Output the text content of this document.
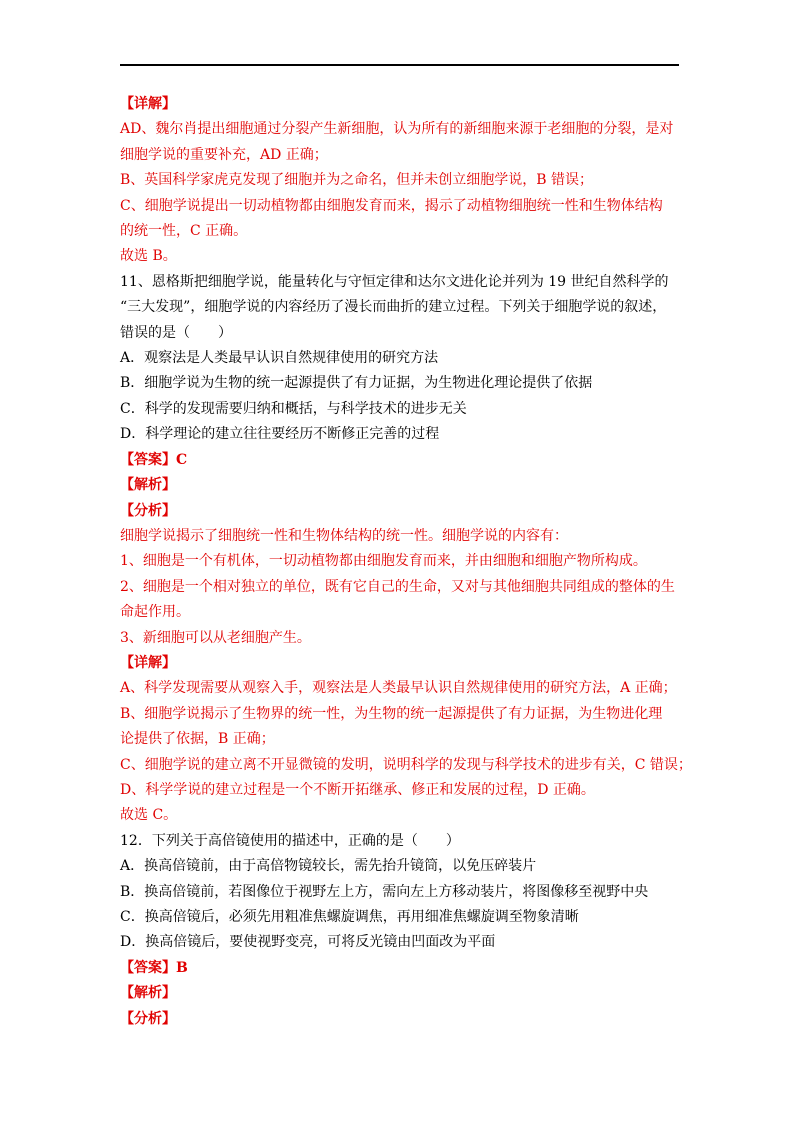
【详解】
AD、魏尔肖提出细胞通过分裂产生新细胞，认为所有的新细胞来源于老细胞的分裂，是对
细胞学说的重要补充，AD 正确；
B、英国科学家虎克发现了细胞并为之命名，但并未创立细胞学说，B 错误；
C、细胞学说提出一切动植物都由细胞发育而来，揭示了动植物细胞统一性和生物体结构
的统一性，C 正确。
故选 B。
11、恩格斯把细胞学说，能量转化与守恒定律和达尔文进化论并列为 19 世纪自然科学的
“三大发现”，细胞学说的内容经历了漫长而曲折的建立过程。下列关于细胞学说的叙述，
错误的是（　　）
A．观察法是人类最早认识自然规律使用的研究方法
B．细胞学说为生物的统一起源提供了有力证据，为生物进化理论提供了依据
C．科学的发现需要归纳和概括，与科学技术的进步无关
D．科学理论的建立往往要经历不断修正完善的过程
【答案】C
【解析】
【分析】
细胞学说揭示了细胞统一性和生物体结构的统一性。细胞学说的内容有：
1、细胞是一个有机体，一切动植物都由细胞发育而来，并由细胞和细胞产物所构成。
2、细胞是一个相对独立的单位，既有它自己的生命，又对与其他细胞共同组成的整体的生
命起作用。
3、新细胞可以从老细胞产生。
【详解】
A、科学发现需要从观察入手，观察法是人类最早认识自然规律使用的研究方法，A 正确；
B、细胞学说揭示了生物界的统一性，为生物的统一起源提供了有力证据，为生物进化理
论提供了依据，B 正确；
C、细胞学说的建立离不开显微镜的发明，说明科学的发现与科学技术的进步有关，C 错误；
D、科学学说的建立过程是一个不断开拓继承、修正和发展的过程，D 正确。
故选 C。
12．下列关于高倍镜使用的描述中，正确的是（　　）
A．换高倍镜前，由于高倍物镜较长，需先抬升镜筒，以免压碎装片
B．换高倍镜前，若图像位于视野左上方，需向左上方移动装片，将图像移至视野中央
C．换高倍镜后，必须先用粗准焦螺旋调焦，再用细准焦螺旋调至物象清晰
D．换高倍镜后，要使视野变亮，可将反光镜由凹面改为平面
【答案】B
【解析】
【分析】
